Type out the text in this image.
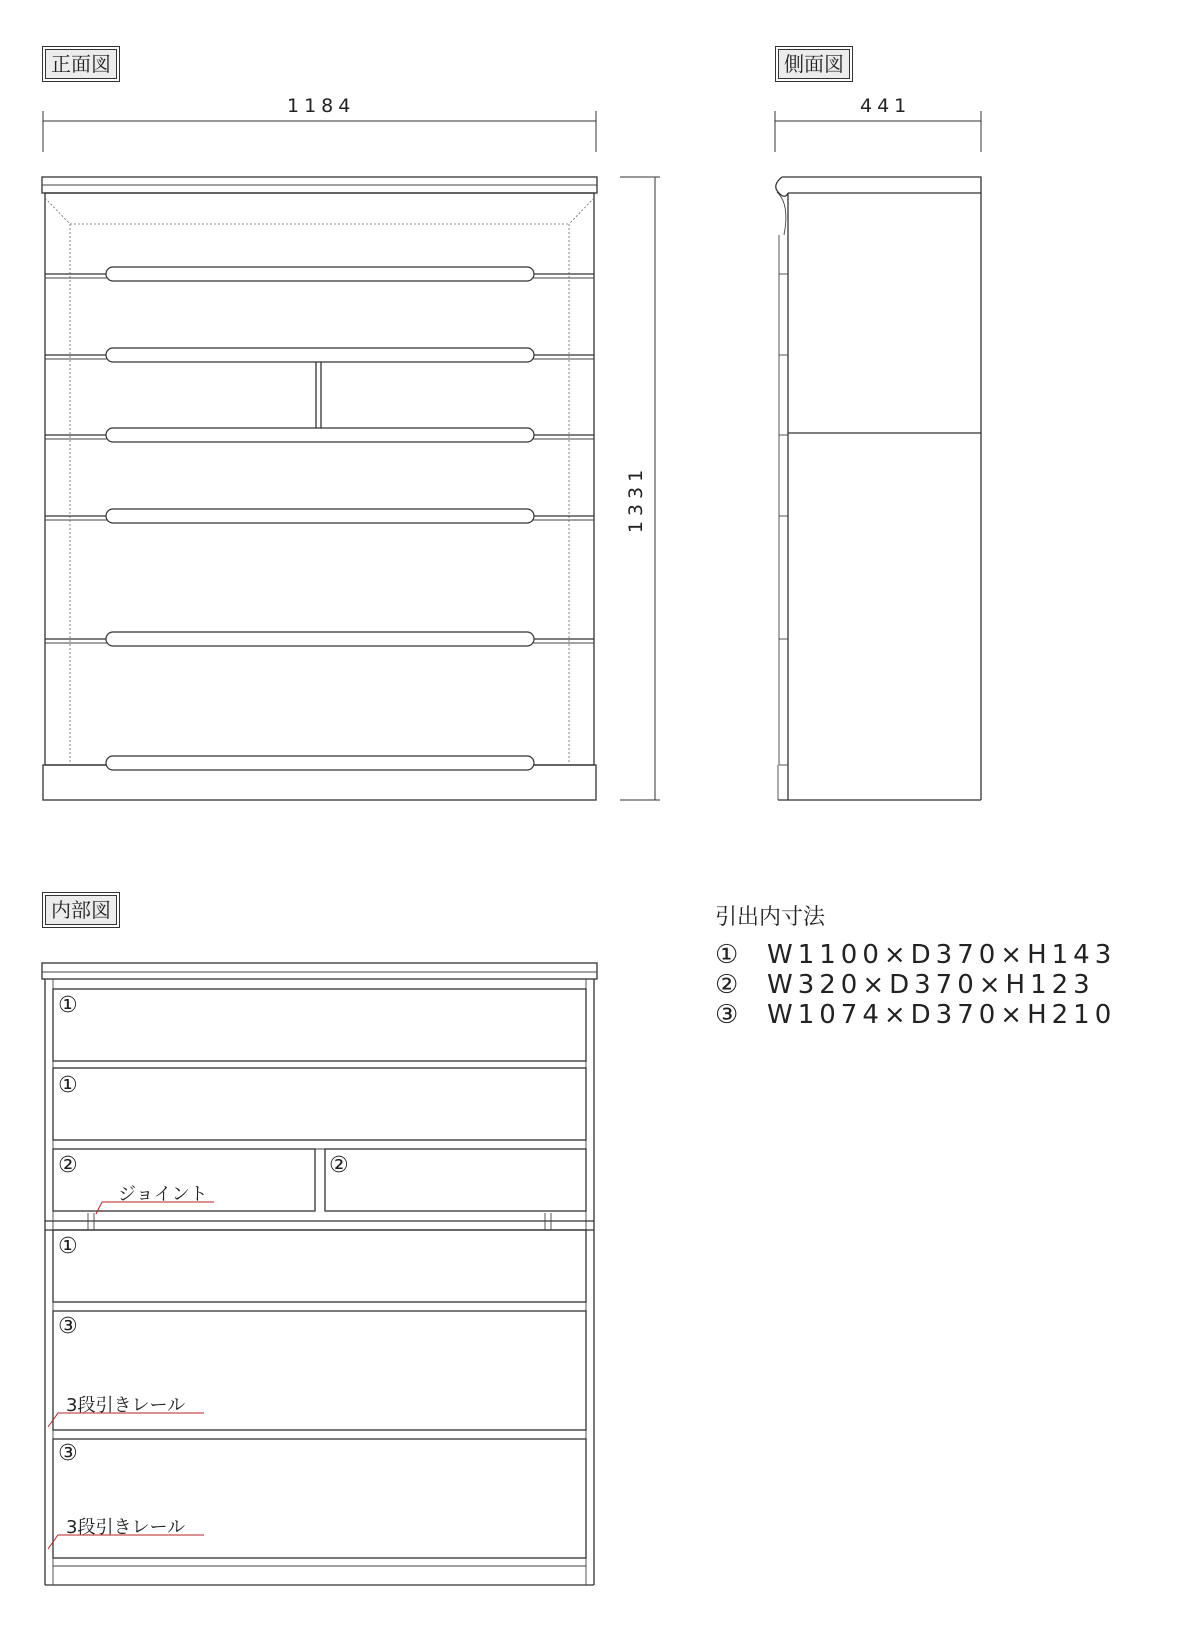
正面図	側面図
内部図
1184	441
1331
引出内寸法
① W1100×D370×H143
② W320×D370×H123
③ W1074×D370×H210
①
①
②	②
①
③
③
ジョイント
3段引きレール
3段引きレール
